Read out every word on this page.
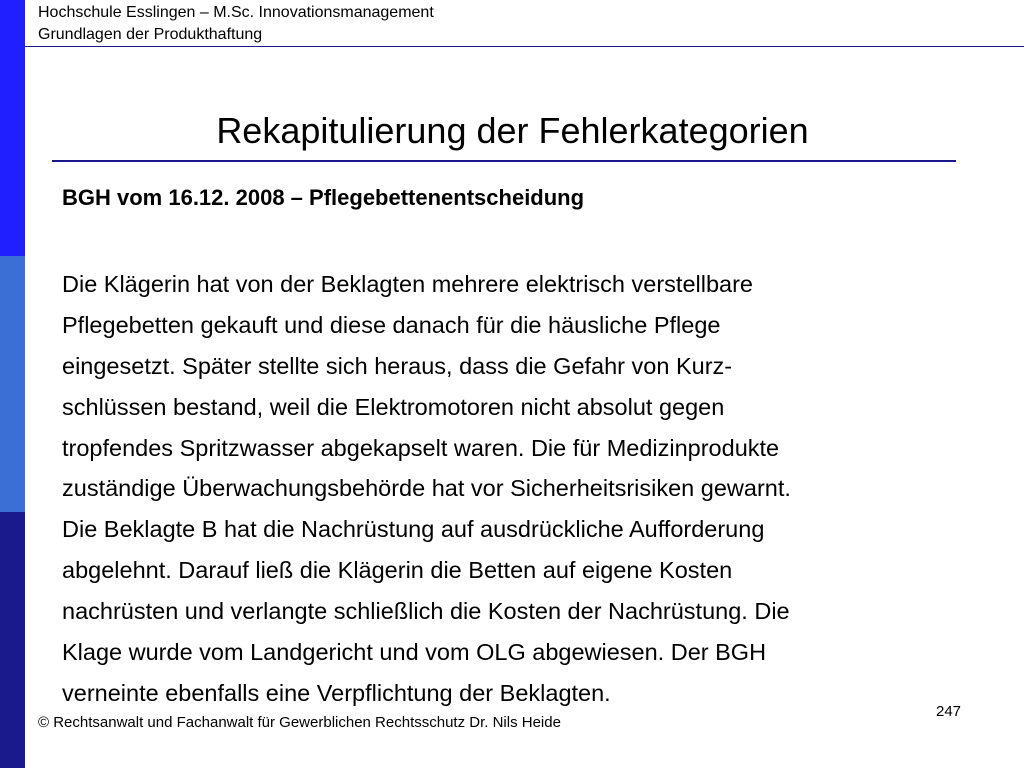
Hochschule Esslingen – M.Sc. Innovationsmanagement
Grundlagen der Produkthaftung
Rekapitulierung der Fehlerkategorien
BGH vom 16.12. 2008 – Pflegebettenentscheidung
Die Klägerin hat von der Beklagten mehrere elektrisch verstellbare
Pflegebetten gekauft und diese danach für die häusliche Pflege
eingesetzt. Später stellte sich heraus, dass die Gefahr von Kurz-
schlüssen bestand, weil die Elektromotoren nicht absolut gegen
tropfendes Spritzwasser abgekapselt waren. Die für Medizinprodukte
zuständige Überwachungsbehörde hat vor Sicherheitsrisiken gewarnt.
Die Beklagte B hat die Nachrüstung auf ausdrückliche Aufforderung
abgelehnt. Darauf ließ die Klägerin die Betten auf eigene Kosten
nachrüsten und verlangte schließlich die Kosten der Nachrüstung. Die
Klage wurde vom Landgericht und vom OLG abgewiesen. Der BGH
verneinte ebenfalls eine Verpflichtung der Beklagten.
247
© Rechtsanwalt und Fachanwalt für Gewerblichen Rechtsschutz Dr. Nils Heide
